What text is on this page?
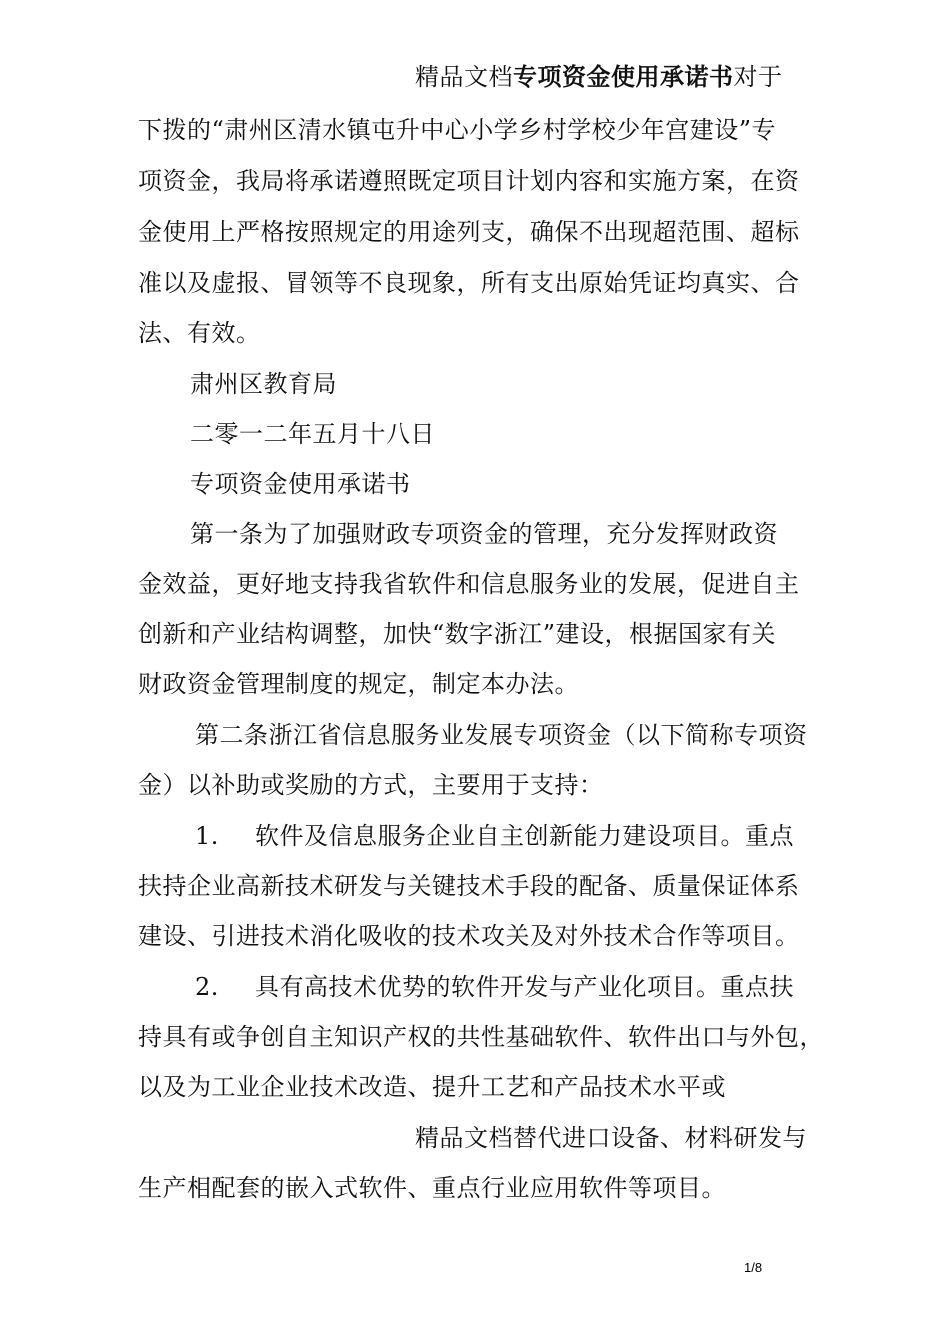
精品文档专项资金使用承诺书对于
下拨的“肃州区清水镇屯升中心小学乡村学校少年宫建设”专
项资金，我局将承诺遵照既定项目计划内容和实施方案，在资
金使用上严格按照规定的用途列支，确保不出现超范围、超标
准以及虚报、冒领等不良现象，所有支出原始凭证均真实、合
法、有效。
肃州区教育局
二零一二年五月十八日
专项资金使用承诺书
第一条为了加强财政专项资金的管理，充分发挥财政资
金效益，更好地支持我省软件和信息服务业的发展，促进自主
创新和产业结构调整，加快“数字浙江”建设，根据国家有关
财政资金管理制度的规定，制定本办法。
第二条浙江省信息服务业发展专项资金（以下简称专项资
金）以补助或奖励的方式，主要用于支持：
1. 软件及信息服务企业自主创新能力建设项目。重点
扶持企业高新技术研发与关键技术手段的配备、质量保证体系
建设、引进技术消化吸收的技术攻关及对外技术合作等项目。
2. 具有高技术优势的软件开发与产业化项目。重点扶
持具有或争创自主知识产权的共性基础软件、软件出口与外包，
以及为工业企业技术改造、提升工艺和产品技术水平或
精品文档替代进口设备、材料研发与
生产相配套的嵌入式软件、重点行业应用软件等项目。
1/8
